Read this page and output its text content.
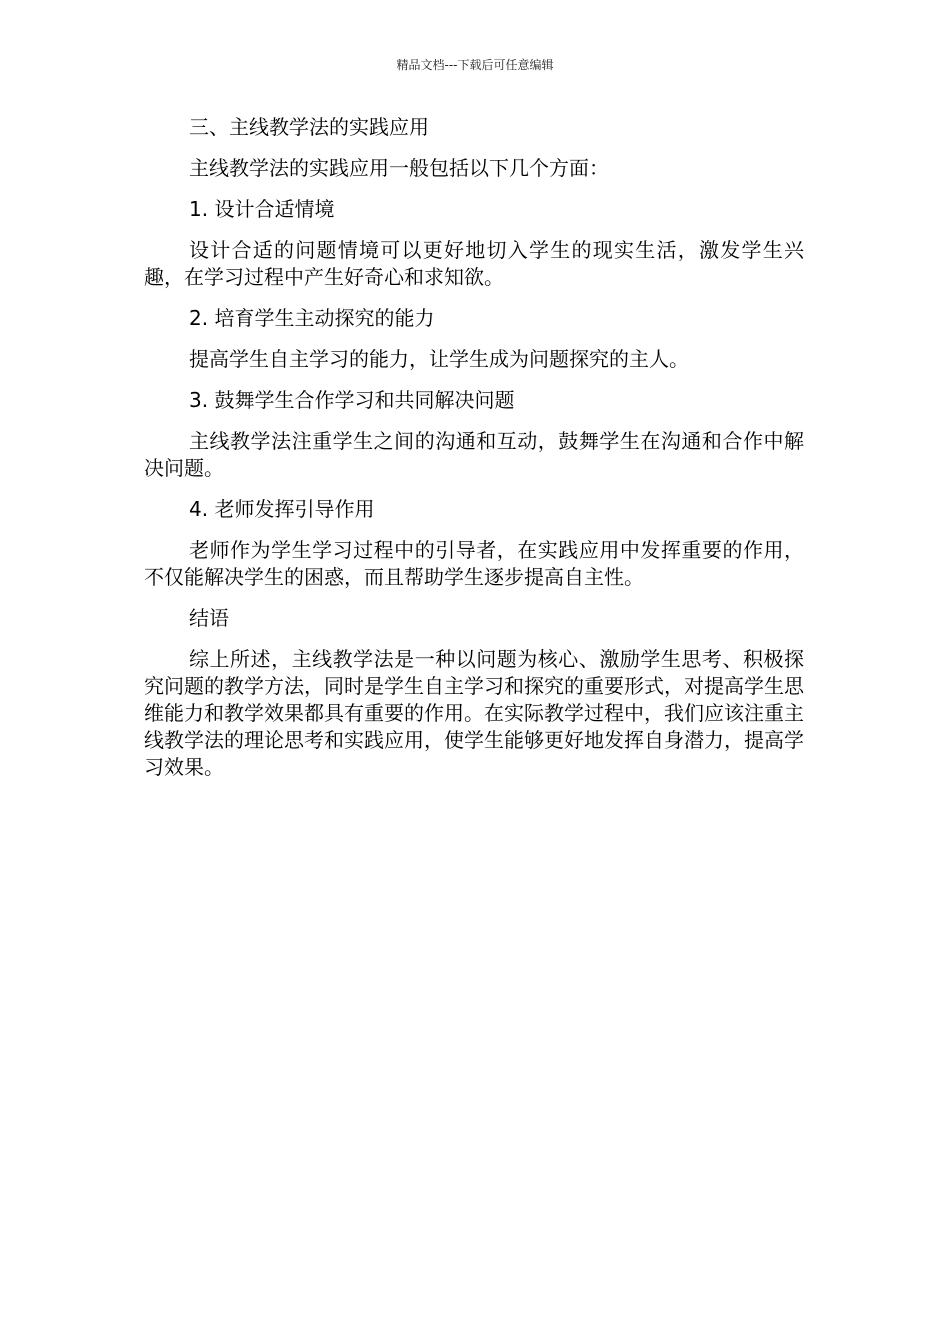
精品文档---下载后可任意编辑

三、主线教学法的实践应用

主线教学法的实践应用一般包括以下几个方面：

1. 设计合适情境

设计合适的问题情境可以更好地切入学生的现实生活，激发学生兴趣，在学习过程中产生好奇心和求知欲。

2. 培育学生主动探究的能力

提高学生自主学习的能力，让学生成为问题探究的主人。

3. 鼓舞学生合作学习和共同解决问题

主线教学法注重学生之间的沟通和互动，鼓舞学生在沟通和合作中解决问题。

4. 老师发挥引导作用

老师作为学生学习过程中的引导者，在实践应用中发挥重要的作用，不仅能解决学生的困惑，而且帮助学生逐步提高自主性。

结语

综上所述，主线教学法是一种以问题为核心、激励学生思考、积极探究问题的教学方法，同时是学生自主学习和探究的重要形式，对提高学生思维能力和教学效果都具有重要的作用。在实际教学过程中，我们应该注重主线教学法的理论思考和实践应用，使学生能够更好地发挥自身潜力，提高学习效果。
